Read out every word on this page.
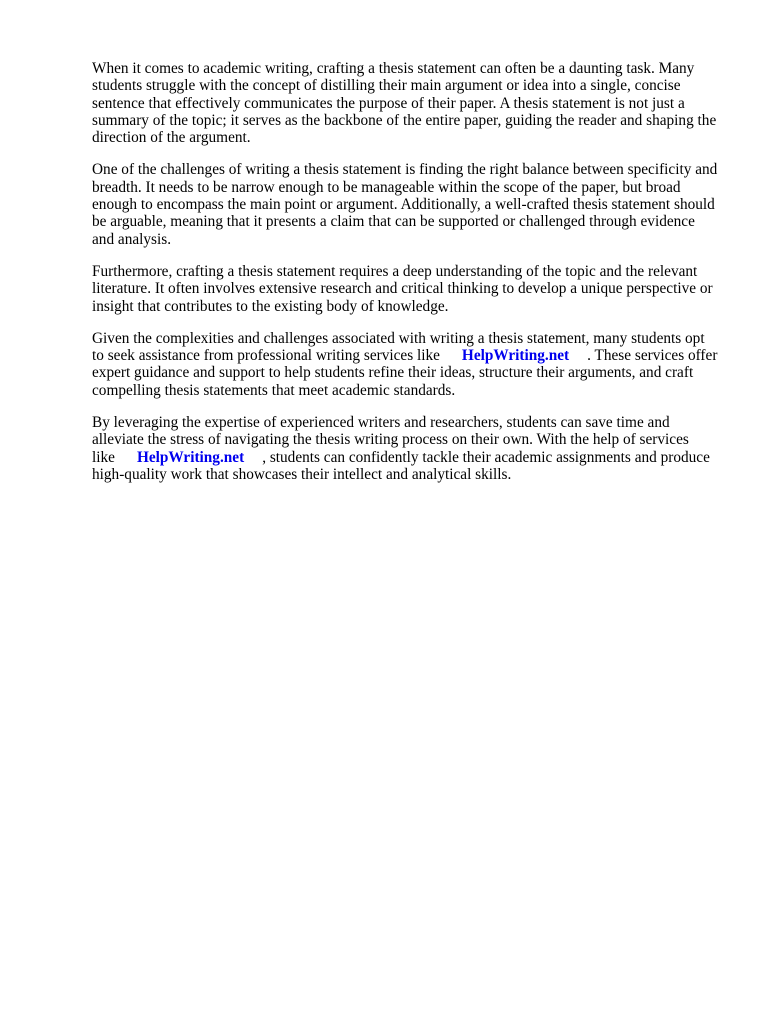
When it comes to academic writing, crafting a thesis statement can often be a daunting task. Many students struggle with the concept of distilling their main argument or idea into a single, concise sentence that effectively communicates the purpose of their paper. A thesis statement is not just a summary of the topic; it serves as the backbone of the entire paper, guiding the reader and shaping the direction of the argument.

One of the challenges of writing a thesis statement is finding the right balance between specificity and breadth. It needs to be narrow enough to be manageable within the scope of the paper, but broad enough to encompass the main point or argument. Additionally, a well-crafted thesis statement should be arguable, meaning that it presents a claim that can be supported or challenged through evidence and analysis.

Furthermore, crafting a thesis statement requires a deep understanding of the topic and the relevant literature. It often involves extensive research and critical thinking to develop a unique perspective or insight that contributes to the existing body of knowledge.

Given the complexities and challenges associated with writing a thesis statement, many students opt to seek assistance from professional writing services like HelpWriting.net . These services offer expert guidance and support to help students refine their ideas, structure their arguments, and craft compelling thesis statements that meet academic standards.

By leveraging the expertise of experienced writers and researchers, students can save time and alleviate the stress of navigating the thesis writing process on their own. With the help of services like HelpWriting.net , students can confidently tackle their academic assignments and produce high-quality work that showcases their intellect and analytical skills.
